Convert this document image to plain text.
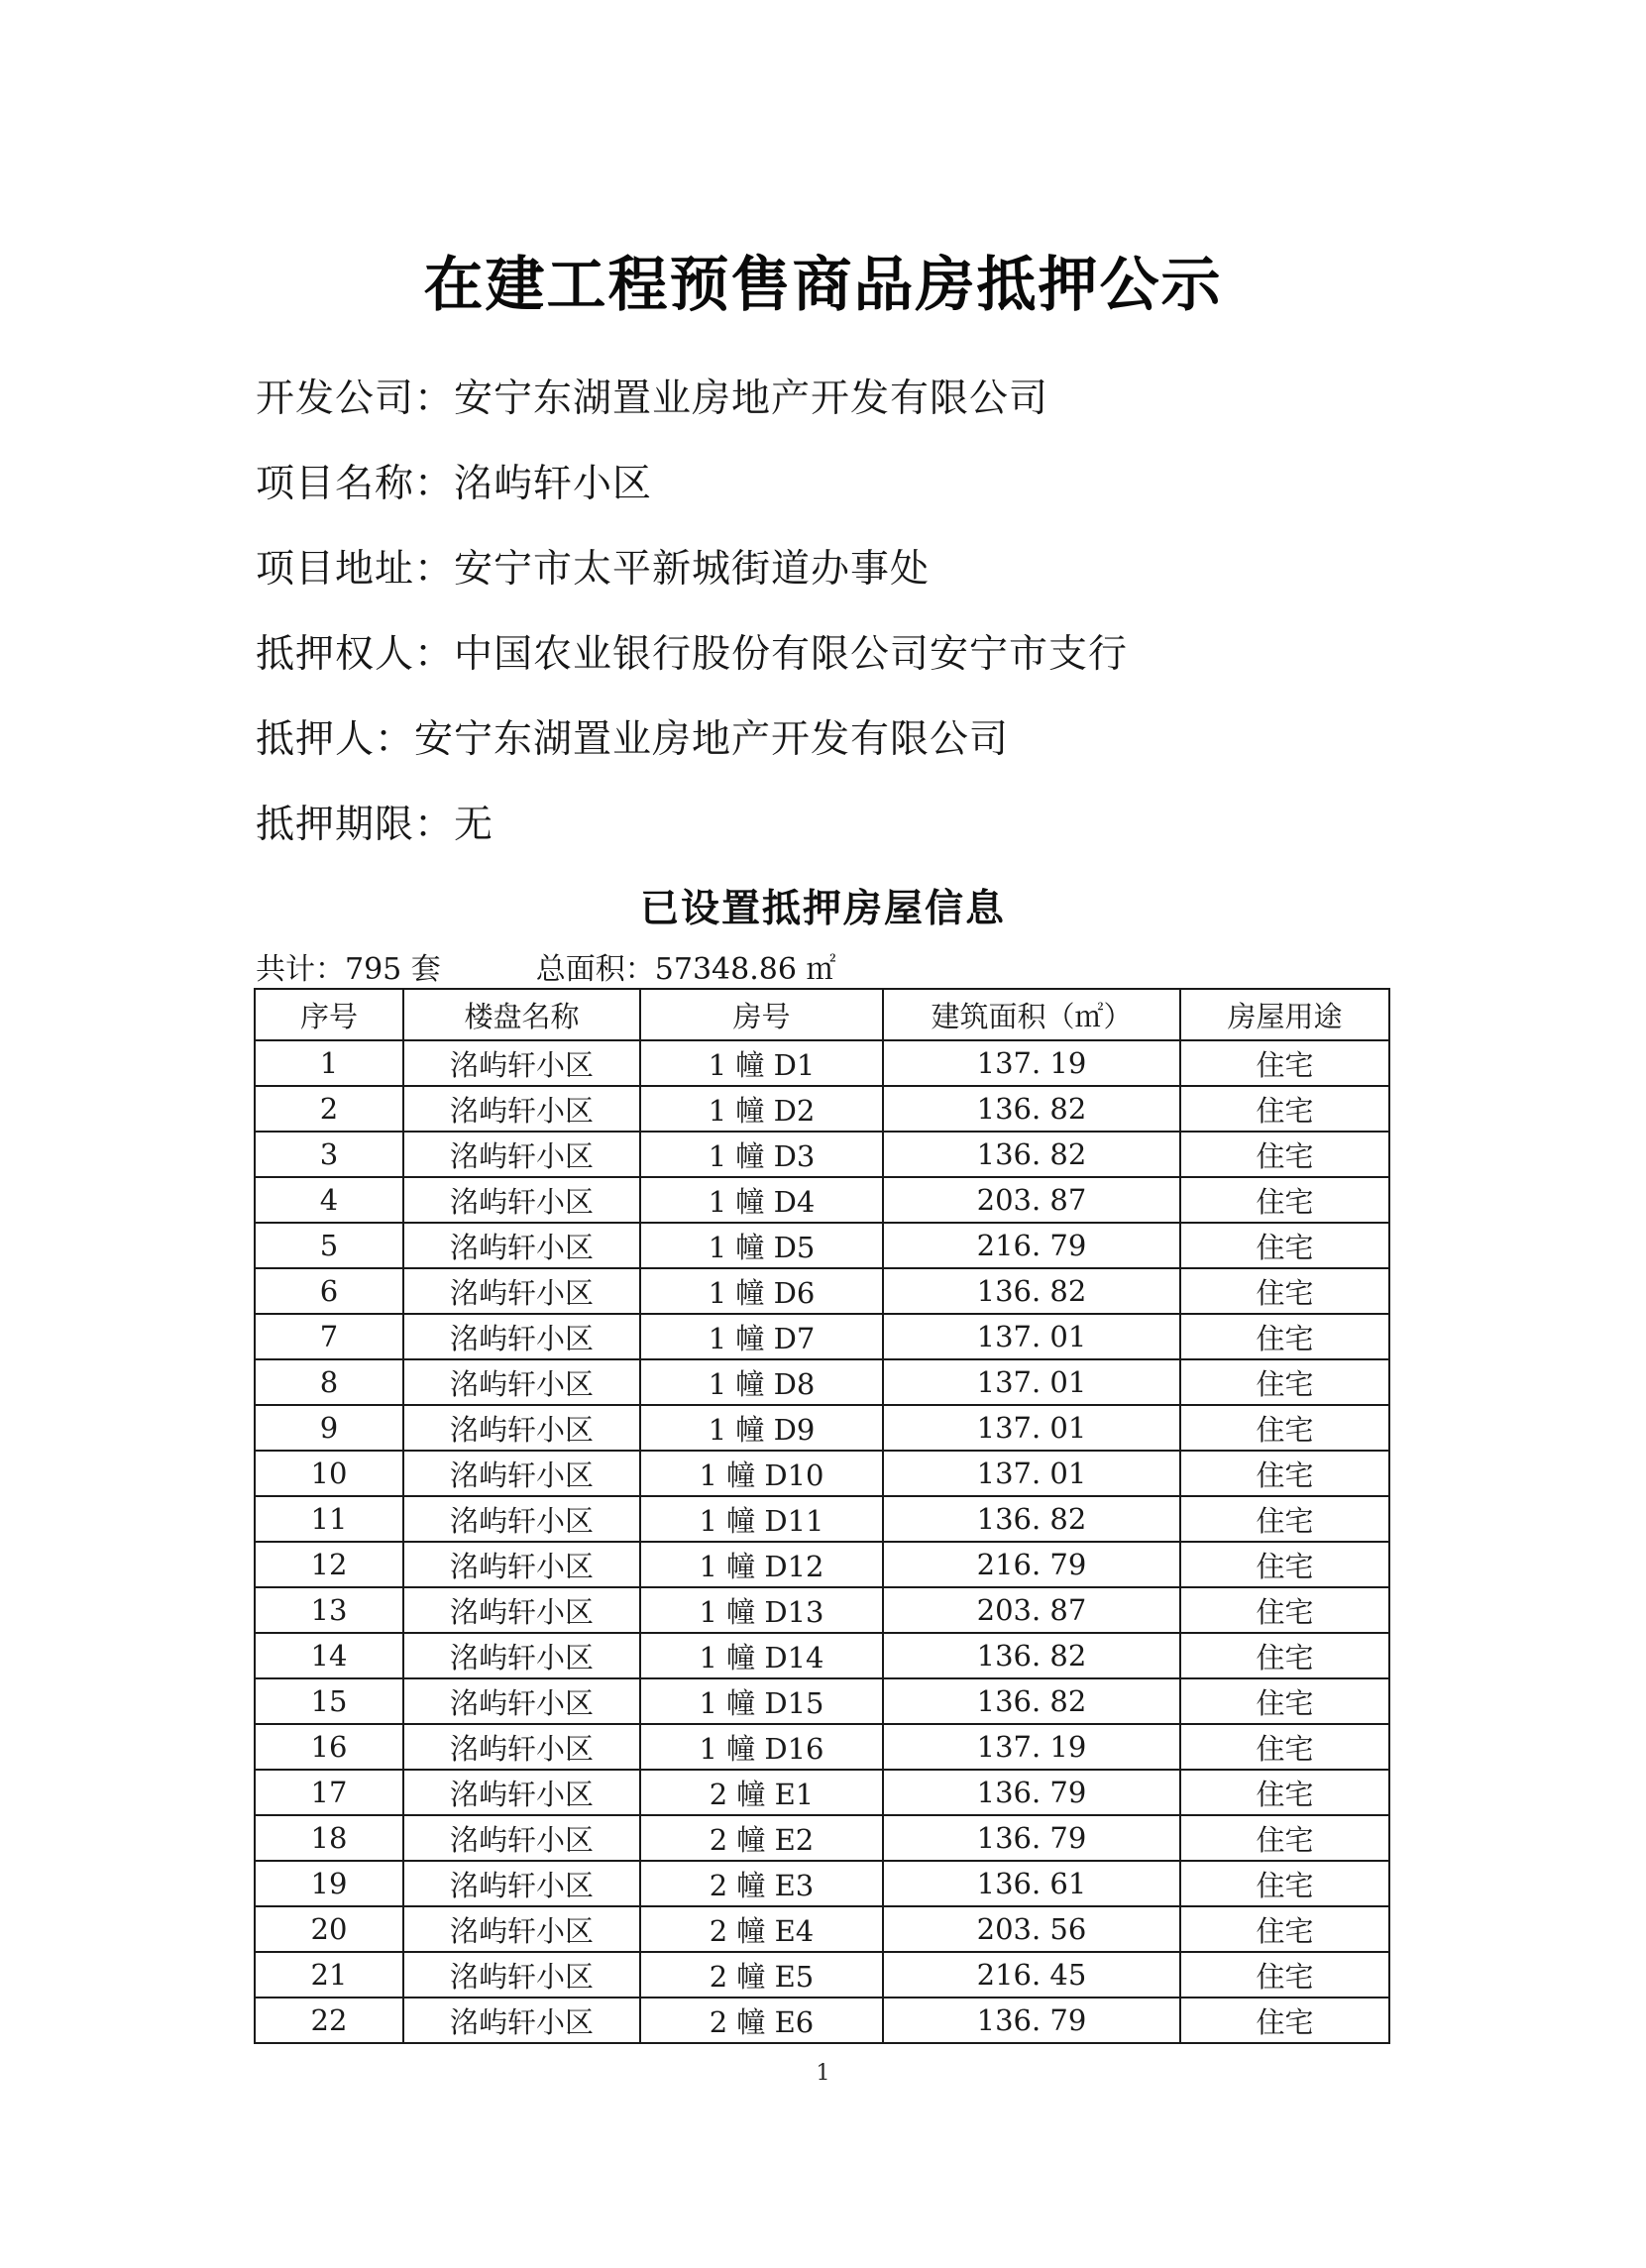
在建工程预售商品房抵押公示
开发公司：安宁东湖置业房地产开发有限公司
项目名称：洺屿轩小区
项目地址：安宁市太平新城街道办事处
抵押权人：中国农业银行股份有限公司安宁市支行
抵押人：安宁东湖置业房地产开发有限公司
抵押期限：无
已设置抵押房屋信息
共计：795 套	总面积：57348.86 ㎡
序号	楼盘名称	房号	建筑面积（㎡）	房屋用途
1	洺屿轩小区	1 幢 D1	137. 19	住宅
2	洺屿轩小区	1 幢 D2	136. 82	住宅
3	洺屿轩小区	1 幢 D3	136. 82	住宅
4	洺屿轩小区	1 幢 D4	203. 87	住宅
5	洺屿轩小区	1 幢 D5	216. 79	住宅
6	洺屿轩小区	1 幢 D6	136. 82	住宅
7	洺屿轩小区	1 幢 D7	137. 01	住宅
8	洺屿轩小区	1 幢 D8	137. 01	住宅
9	洺屿轩小区	1 幢 D9	137. 01	住宅
10	洺屿轩小区	1 幢 D10	137. 01	住宅
11	洺屿轩小区	1 幢 D11	136. 82	住宅
12	洺屿轩小区	1 幢 D12	216. 79	住宅
13	洺屿轩小区	1 幢 D13	203. 87	住宅
14	洺屿轩小区	1 幢 D14	136. 82	住宅
15	洺屿轩小区	1 幢 D15	136. 82	住宅
16	洺屿轩小区	1 幢 D16	137. 19	住宅
17	洺屿轩小区	2 幢 E1	136. 79	住宅
18	洺屿轩小区	2 幢 E2	136. 79	住宅
19	洺屿轩小区	2 幢 E3	136. 61	住宅
20	洺屿轩小区	2 幢 E4	203. 56	住宅
21	洺屿轩小区	2 幢 E5	216. 45	住宅
22	洺屿轩小区	2 幢 E6	136. 79	住宅
1
